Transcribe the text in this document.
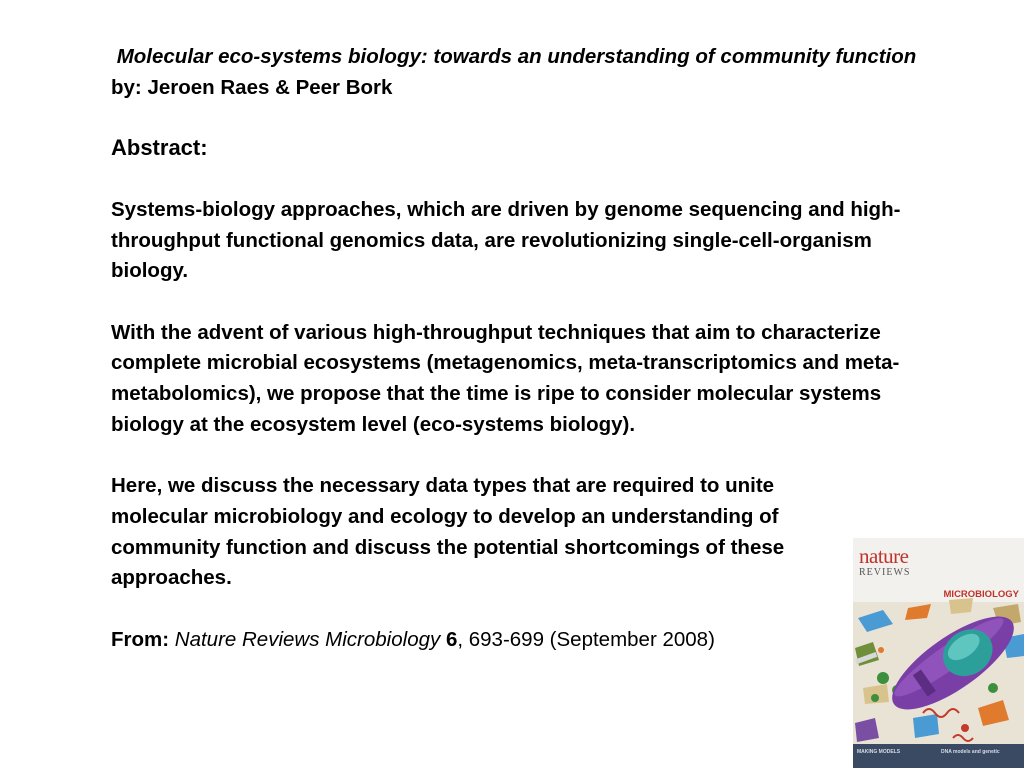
Molecular eco-systems biology: towards an understanding of community function by: Jeroen Raes & Peer Bork
Abstract:
Systems-biology approaches, which are driven by genome sequencing and high-throughput functional genomics data, are revolutionizing single-cell-organism biology.
With the advent of various high-throughput techniques that aim to characterize complete microbial ecosystems (metagenomics, meta-transcriptomics and meta-metabolomics), we propose that the time is ripe to consider molecular systems biology at the ecosystem level (eco-systems biology).
Here, we discuss the necessary data types that are required to unite molecular microbiology and ecology to develop an understanding of community function and discuss the potential shortcomings of these approaches.
From: Nature Reviews Microbiology 6, 693-699 (September 2008)
nature
REVIEWS
MICROBIOLOGY
MAKING MODELS	DNA models and genetic
